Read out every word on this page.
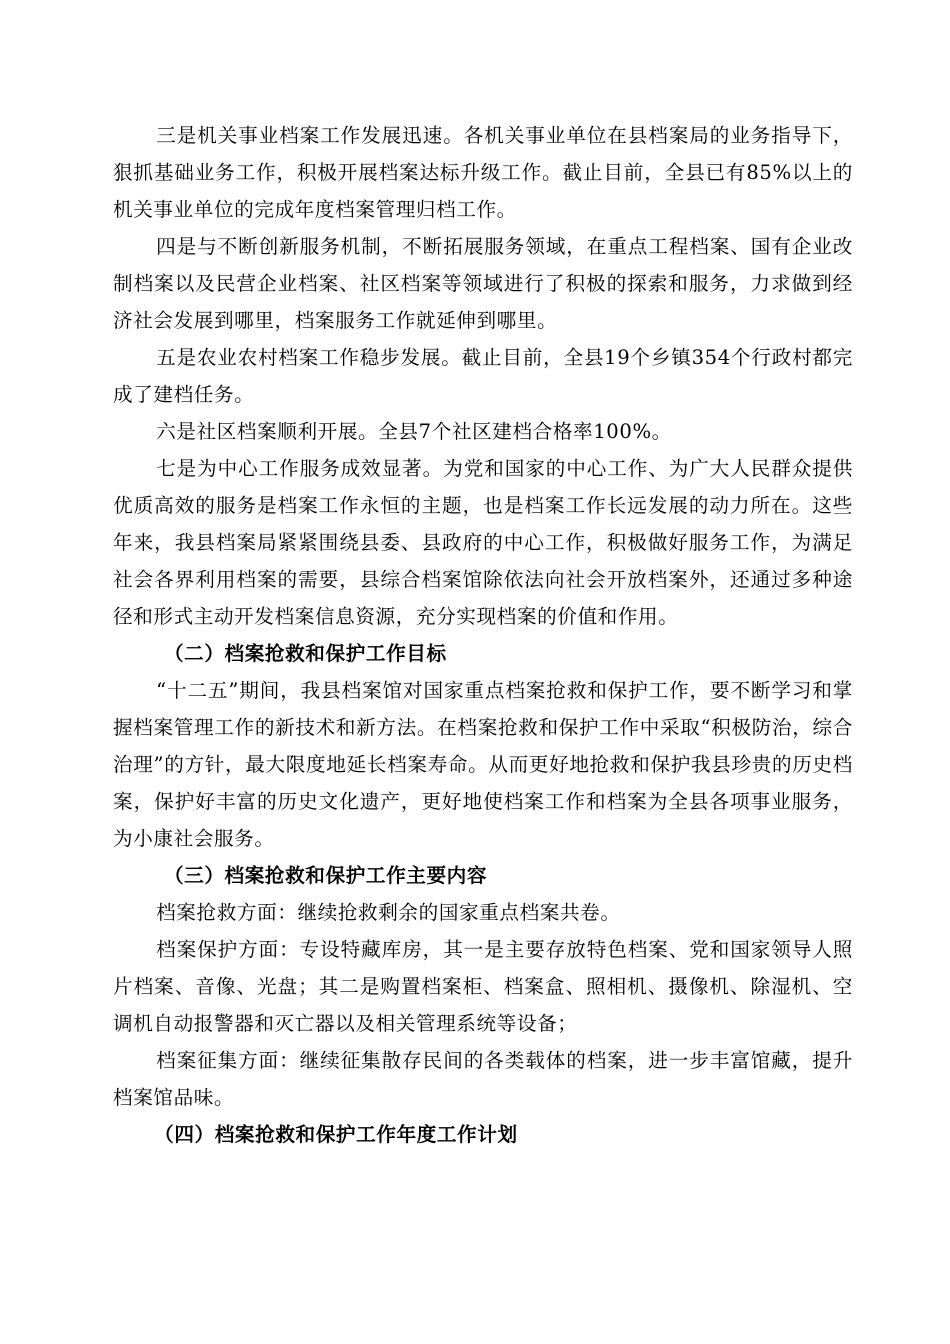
三是机关事业档案工作发展迅速。各机关事业单位在县档案局的业务指导下，狠抓基础业务工作，积极开展档案达标升级工作。截止目前，全县已有85%以上的机关事业单位的完成年度档案管理归档工作。

四是与不断创新服务机制，不断拓展服务领域，在重点工程档案、国有企业改制档案以及民营企业档案、社区档案等领域进行了积极的探索和服务，力求做到经济社会发展到哪里，档案服务工作就延伸到哪里。

五是农业农村档案工作稳步发展。截止目前，全县19个乡镇354个行政村都完成了建档任务。

六是社区档案顺利开展。全县7个社区建档合格率100%。

七是为中心工作服务成效显著。为党和国家的中心工作、为广大人民群众提供优质高效的服务是档案工作永恒的主题，也是档案工作长远发展的动力所在。这些年来，我县档案局紧紧围绕县委、县政府的中心工作，积极做好服务工作，为满足社会各界利用档案的需要，县综合档案馆除依法向社会开放档案外，还通过多种途径和形式主动开发档案信息资源，充分实现档案的价值和作用。

（二）档案抢救和保护工作目标

“十二五”期间，我县档案馆对国家重点档案抢救和保护工作，要不断学习和掌握档案管理工作的新技术和新方法。在档案抢救和保护工作中采取“积极防治，综合治理”的方针，最大限度地延长档案寿命。从而更好地抢救和保护我县珍贵的历史档案，保护好丰富的历史文化遗产，更好地使档案工作和档案为全县各项事业服务，为小康社会服务。

（三）档案抢救和保护工作主要内容

档案抢救方面：继续抢救剩余的国家重点档案共卷。

档案保护方面：专设特藏库房，其一是主要存放特色档案、党和国家领导人照片档案、音像、光盘；其二是购置档案柜、档案盒、照相机、摄像机、除湿机、空调机自动报警器和灭亡器以及相关管理系统等设备；

档案征集方面：继续征集散存民间的各类载体的档案，进一步丰富馆藏，提升档案馆品味。

（四）档案抢救和保护工作年度工作计划
